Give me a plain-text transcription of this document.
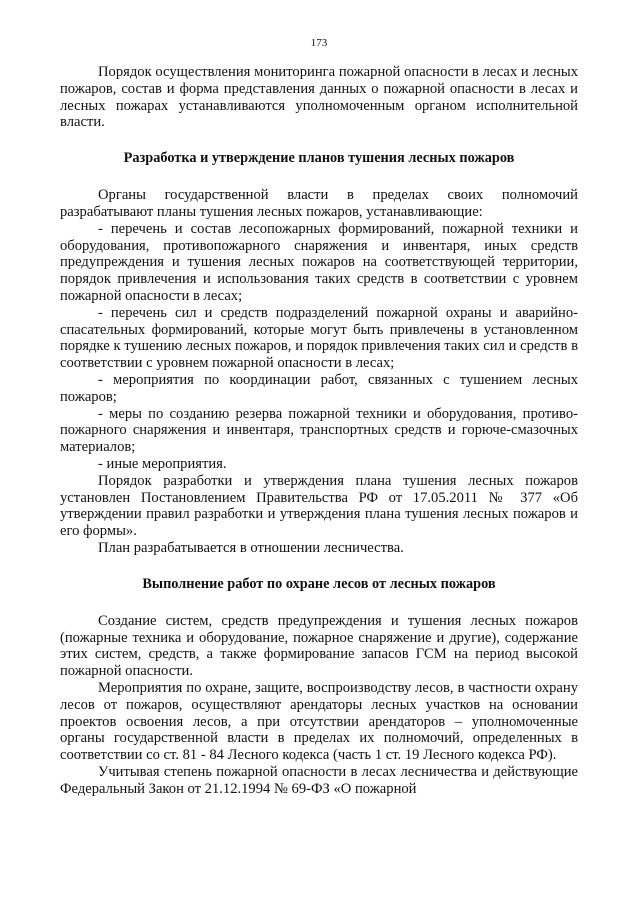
173

Порядок осуществления мониторинга пожарной опасности в лесах и лесных пожаров, состав и форма представления данных о пожарной опасности в лесах и лесных пожарах устанавливаются уполномоченным органом исполнительной власти.

Разработка и утверждение планов тушения лесных пожаров

Органы государственной власти в пределах своих полномочий разрабатывают планы тушения лесных пожаров, устанавливающие:

- перечень и состав лесопожарных формирований, пожарной техники и оборудования, противопожарного снаряжения и инвентаря, иных средств предупреждения и тушения лесных пожаров на соответствующей территории, порядок привлечения и использования таких средств в соответствии с уровнем пожарной опасности в лесах;

- перечень сил и средств подразделений пожарной охраны и аварийно-спасательных формирований, которые могут быть привлечены в установленном порядке к тушению лесных пожаров, и порядок привлечения таких сил и средств в соответствии с уровнем пожарной опасности в лесах;

- мероприятия по координации работ, связанных с тушением лесных пожаров;

- меры по созданию резерва пожарной техники и оборудования, противо-пожарного снаряжения и инвентаря, транспортных средств и горюче-смазочных материалов;

- иные мероприятия.

Порядок разработки и утверждения плана тушения лесных пожаров установлен Постановлением Правительства РФ от 17.05.2011 № 377 «Об утверждении правил разработки и утверждения плана тушения лесных пожаров и его формы».

План разрабатывается в отношении лесничества.

Выполнение работ по охране лесов от лесных пожаров

Создание систем, средств предупреждения и тушения лесных пожаров (пожарные техника и оборудование, пожарное снаряжение и другие), содержание этих систем, средств, а также формирование запасов ГСМ на период высокой пожарной опасности.

Мероприятия по охране, защите, воспроизводству лесов, в частности охрану лесов от пожаров, осуществляют арендаторы лесных участков на основании проектов освоения лесов, а при отсутствии арендаторов – уполномоченные органы государственной власти в пределах их полномочий, определенных в соответствии со ст. 81 - 84 Лесного кодекса (часть 1 ст. 19 Лесного кодекса РФ).

Учитывая степень пожарной опасности в лесах лесничества и действующие Федеральный Закон от 21.12.1994 № 69-ФЗ «О пожарной
